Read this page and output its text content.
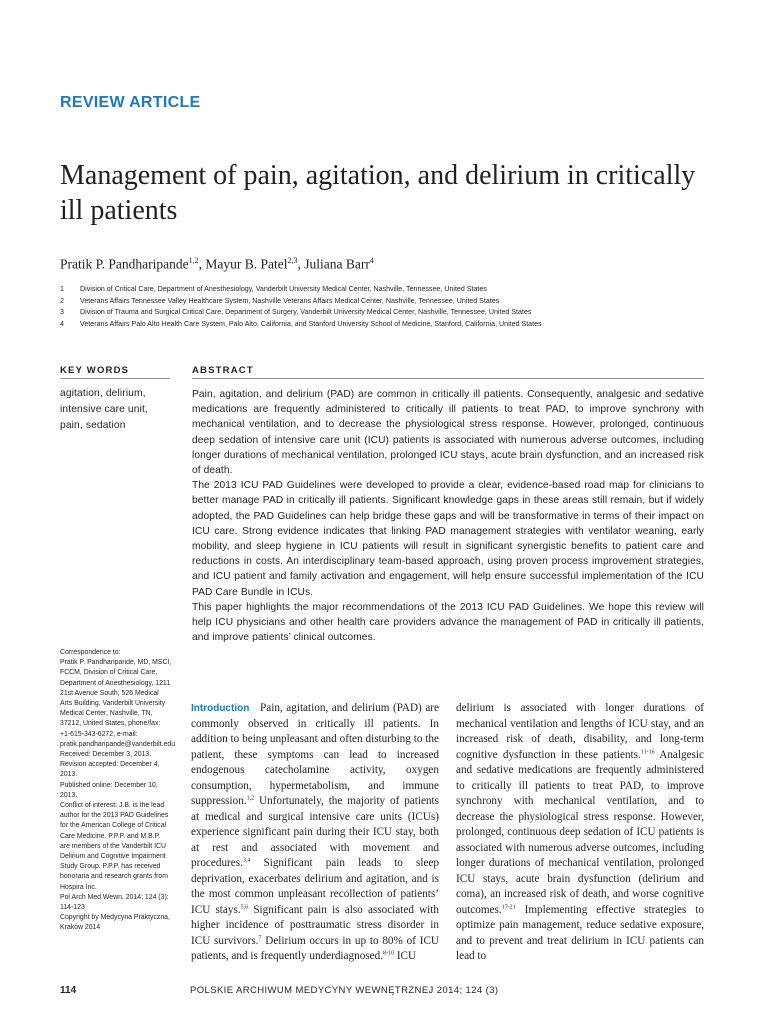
REVIEW ARTICLE
Management of pain, agitation, and delirium in critically ill patients
Pratik P. Pandharipande$^{1,2}$, Mayur B. Patel$^{2,3}$, Juliana Barr$^4$
1	Division of Critical Care, Department of Anesthesiology, Vanderbilt University Medical Center, Nashville, Tennessee, United States
2	Veterans Affairs Tennessee Valley Healthcare System, Nashville Veterans Affairs Medical Center, Nashville, Tennessee, United States
3	Division of Trauma and Surgical Critical Care, Department of Surgery, Vanderbilt University Medical Center, Nashville, Tennessee, United States
4	Veterans Affairs Palo Alto Health Care System, Palo Alto, California, and Stanford University School of Medicine, Stanford, California, United States
KEY WORDS
agitation, delirium, intensive care unit, pain, sedation
ABSTRACT

Pain, agitation, and delirium (PAD) are common in critically ill patients. Consequently, analgesic and sedative medications are frequently administered to critically ill patients to treat PAD, to improve synchrony with mechanical ventilation, and to decrease the physiological stress response. However, prolonged, continuous deep sedation of intensive care unit (ICU) patients is associated with numerous adverse outcomes, including longer durations of mechanical ventilation, prolonged ICU stays, acute brain dysfunction, and an increased risk of death.

The 2013 ICU PAD Guidelines were developed to provide a clear, evidence-based road map for clinicians to better manage PAD in critically ill patients. Significant knowledge gaps in these areas still remain, but if widely adopted, the PAD Guidelines can help bridge these gaps and will be transformative in terms of their impact on ICU care. Strong evidence indicates that linking PAD management strategies with ventilator weaning, early mobility, and sleep hygiene in ICU patients will result in significant synergistic benefits to patient care and reductions in costs. An interdisciplinary team-based approach, using proven process improvement strategies, and ICU patient and family activation and engagement, will help ensure successful implementation of the ICU PAD Care Bundle in ICUs.

This paper highlights the major recommendations of the 2013 ICU PAD Guidelines. We hope this review will help ICU physicians and other health care providers advance the management of PAD in critically ill patients, and improve patients’ clinical outcomes.

Correspondence to:

Pratik P. Pandharipande, MD, MSCI, FCCM, Division of Critical Care, Department of Anesthesiology, 1211 21st Avenue South, 526 Medical Arts Building, Vanderbilt University Medical Center, Nashville, TN, 37212, United States, phone/fax: +1-615-343-6272, e-mail: pratik.pandharipande@vanderbilt.edu

Received: December 3, 2013.

Revision accepted: December 4, 2013.

Published online: December 10, 2013.

Conflict of interest: J.B. is the lead author for the 2013 PAD Guidelines for the American College of Critical Care Medicine. P.P.P. and M.B.P. are members of the Vanderbilt ICU Delirium and Cognitive Impairment Study Group. P.P.P. has received honoraria and research grants from Hospira Inc.

Pol Arch Med Wewn. 2014; 124 (3): 114-123

Copyright by Medycyna Praktyczna, Kraków 2014

Introduction Pain, agitation, and delirium (PAD) are commonly observed in critically ill patients. In addition to being unpleasant and often disturbing to the patient, these symptoms can lead to increased endogenous catecholamine activity, oxygen consumption, hypermetabolism, and immune suppression.$^{1,2}$ Unfortunately, the majority of patients at medical and surgical intensive care units (ICUs) experience significant pain during their ICU stay, both at rest and associated with movement and procedures.$^{3,4}$ Significant pain leads to sleep deprivation, exacerbates delirium and agitation, and is the most common unpleasant recollection of patients’ ICU stays.$^{5,6}$ Significant pain is also associated with higher incidence of posttraumatic stress disorder in ICU survivors.$^7$ Delirium occurs in up to 80% of ICU patients, and is frequently underdiagnosed.$^{8-10}$ ICU

delirium is associated with longer durations of mechanical ventilation and lengths of ICU stay, and an increased risk of death, disability, and long-term cognitive dysfunction in these patients.$^{11-16}$ Analgesic and sedative medications are frequently administered to critically ill patients to treat PAD, to improve synchrony with mechanical ventilation, and to decrease the physiological stress response. However, prolonged, continuous deep sedation of ICU patients is associated with numerous adverse outcomes, including longer durations of mechanical ventilation, prolonged ICU stays, acute brain dysfunction (delirium and coma), an increased risk of death, and worse cognitive outcomes.$^{17-21}$ Implementing effective strategies to optimize pain management, reduce sedative exposure, and to prevent and treat delirium in ICU patients can lead to

114	POLSKIE ARCHIWUM MEDYCYNY WEWNĘTRZNEJ 2014; 124 (3)
